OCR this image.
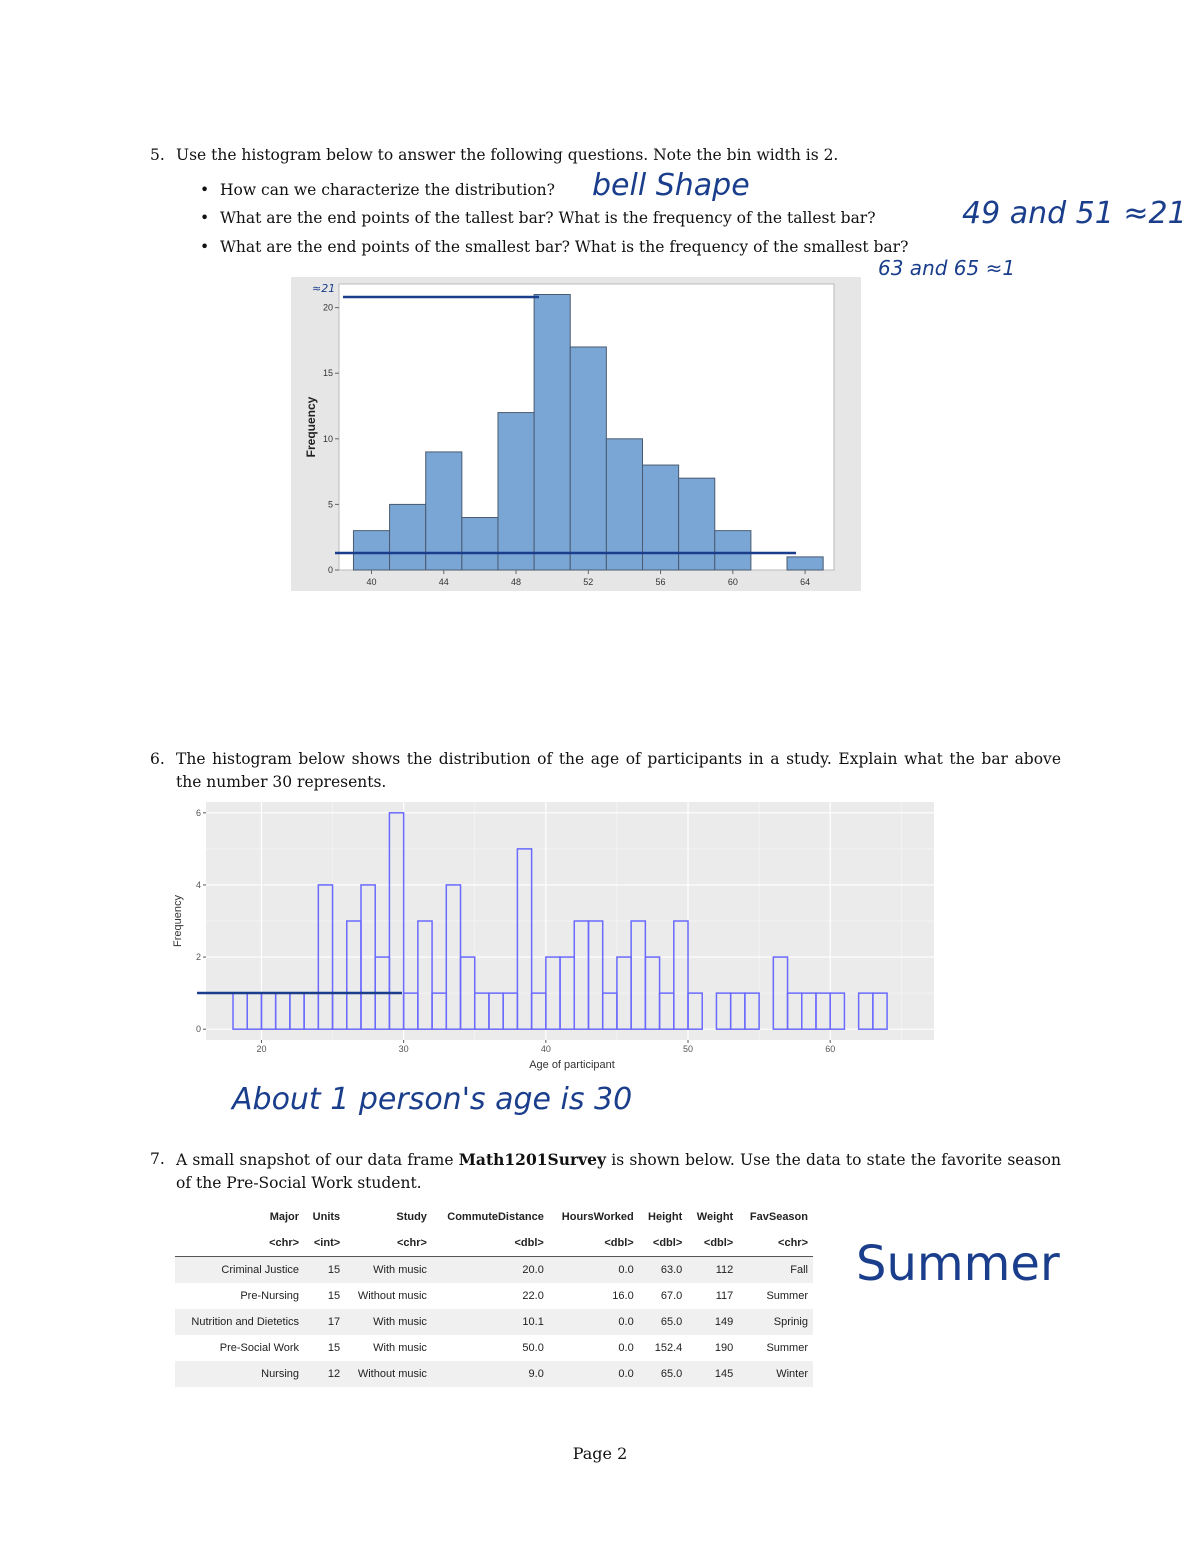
5. Use the histogram below to answer the following questions. Note the bin width is 2.
• How can we characterize the distribution?
• What are the end points of the tallest bar? What is the frequency of the tallest bar?
• What are the end points of the smallest bar? What is the frequency of the smallest bar?
bell Shape
49 and 51 ≈21
63 and 65 ≈1
40	44	48	52	56	60	64
0
5
10
15
20
Frequency
≈21
6. The histogram below shows the distribution of the age of participants in a study. Explain what the bar above the number 30 represents.
20	30	40	50	60
0
2
4
6
Age of participant
Frequency
About 1 person's age is 30
7. A small snapshot of our data frame Math1201Survey is shown below. Use the data to state the favorite season of the Pre-Social Work student.
Major	Units	Study	CommuteDistance	HoursWorked	Height	Weight	FavSeason
<chr>	<int>	<chr>	<dbl>	<dbl>	<dbl>	<dbl>	<chr>
Criminal Justice	15	With music	20.0	0.0	63.0	112	Fall
Pre-Nursing	15	Without music	22.0	16.0	67.0	117	Summer
Nutrition and Dietetics	17	With music	10.1	0.0	65.0	149	Sprinig
Pre-Social Work	15	With music	50.0	0.0	152.4	190	Summer
Nursing	12	Without music	9.0	0.0	65.0	145	Winter
Summer
Page 2
